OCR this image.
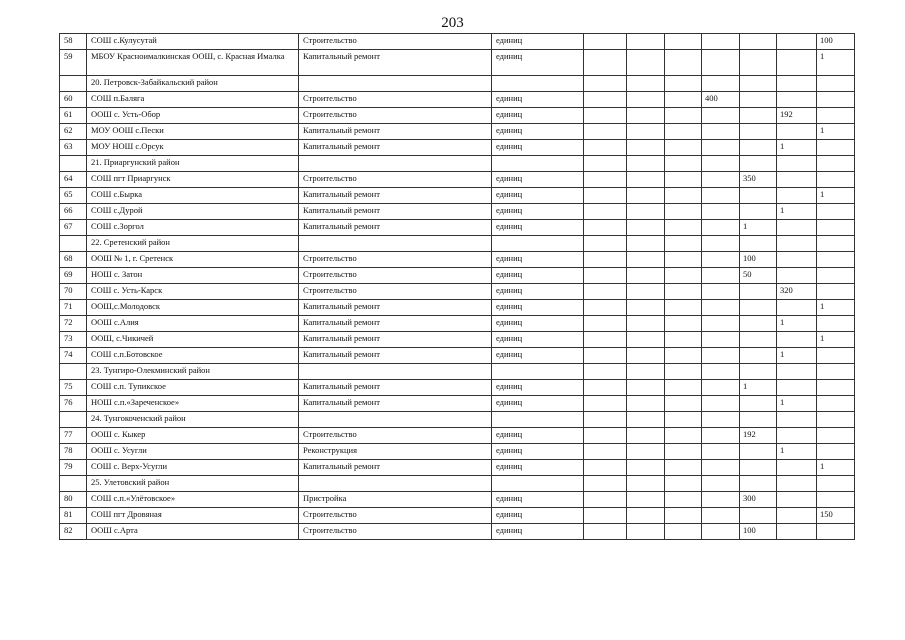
203
58	СОШ с.Кулусутай	Строительство	единиц							100
59	МБОУ Красноималкинская ООШ, с. Красная Ималка	Капитальный ремонт	единиц							1
	20. Петровск-Забайкальский район									
60	СОШ п.Баляга	Строительство	единиц				400			
61	ООШ с. Усть-Обор	Строительство	единиц						192	
62	МОУ ООШ с.Пески	Капитальный ремонт	единиц							1
63	МОУ НОШ с.Орсук	Капитальный ремонт	единиц						1	
	21. Приаргунский район									
64	СОШ пгт Приаргунск	Строительство	единиц					350		
65	СОШ с.Бырка	Капитальный ремонт	единиц							1
66	СОШ с.Дурой	Капитальный ремонт	единиц						1	
67	СОШ с.Зоргол	Капитальный ремонт	единиц					1		
	22. Сретенский район									
68	ООШ № 1, г. Сретенск	Строительство	единиц					100		
69	НОШ с. Затон	Строительство	единиц					50		
70	СОШ с. Усть-Карск	Строительство	единиц						320	
71	ООШ,с.Молодовск	Капитальный ремонт	единиц							1
72	ООШ с.Алия	Капитальный ремонт	единиц						1	
73	ООШ, с.Чикичей	Капитальный ремонт	единиц							1
74	СОШ с.п.Ботовское	Капитальный ремонт	единиц						1	
	23. Тунгиро-Олекминский район									
75	СОШ с.п. Тупикское	Капитальный ремонт	единиц					1		
76	НОШ с.п.«Зареченское»	Капитальный ремонт	единиц						1	
	24. Тунгокоченский район									
77	ООШ с. Кыкер	Строительство	единиц					192		
78	ООШ с. Усугли	Реконструкция	единиц						1	
79	СОШ с. Верх-Усугли	Капитальный ремонт	единиц							1
	25. Улетовский район									
80	СОШ с.п.«Улётовское»	Пристройка	единиц					300		
81	СОШ пгт Дровяная	Строительство	единиц							150
82	ООШ с.Арта	Строительство	единиц					100		
